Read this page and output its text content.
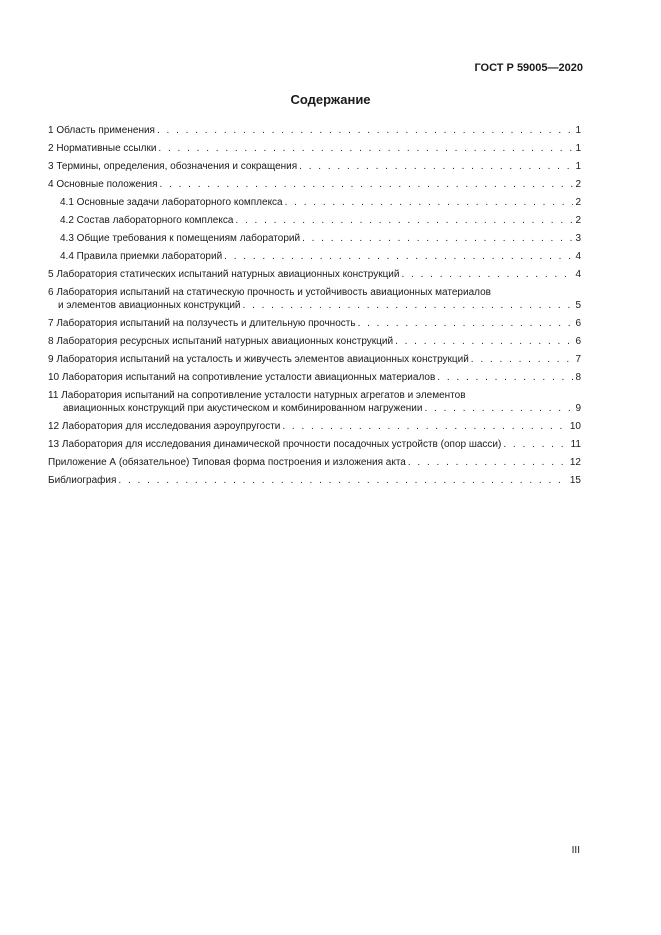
ГОСТ Р 59005—2020
Содержание
1 Область применения . . .	1
2 Нормативные ссылки . . .	1
3 Термины, определения, обозначения и сокращения . . .	1
4 Основные положения . . .	2
4.1 Основные задачи лабораторного комплекса . . .	2
4.2 Состав лабораторного комплекса . . .	2
4.3 Общие требования к помещениям лабораторий . . .	3
4.4 Правила приемки лабораторий . . .	4
5 Лаборатория статических испытаний натурных авиационных конструкций . . .	4
6 Лаборатория испытаний на статическую прочность и устойчивость авиационных материалов
и элементов авиационных конструкций . . .	5
7 Лаборатория испытаний на ползучесть и длительную прочность . . .	6
8 Лаборатория ресурсных испытаний натурных авиационных конструкций . . .	6
9 Лаборатория испытаний на усталость и живучесть элементов авиационных конструкций . . .	7
10 Лаборатория испытаний на сопротивление усталости авиационных материалов . . .	8
11 Лаборатория испытаний на сопротивление усталости натурных агрегатов и элементов
авиационных конструкций при акустическом и комбинированном нагружении . . .	9
12 Лаборатория для исследования аэроупругости . . .	10
13 Лаборатория для исследования динамической прочности посадочных устройств (опор шасси) . . .	11
Приложение А (обязательное) Типовая форма построения и изложения акта . . .	12
Библиография . . .	15
III
